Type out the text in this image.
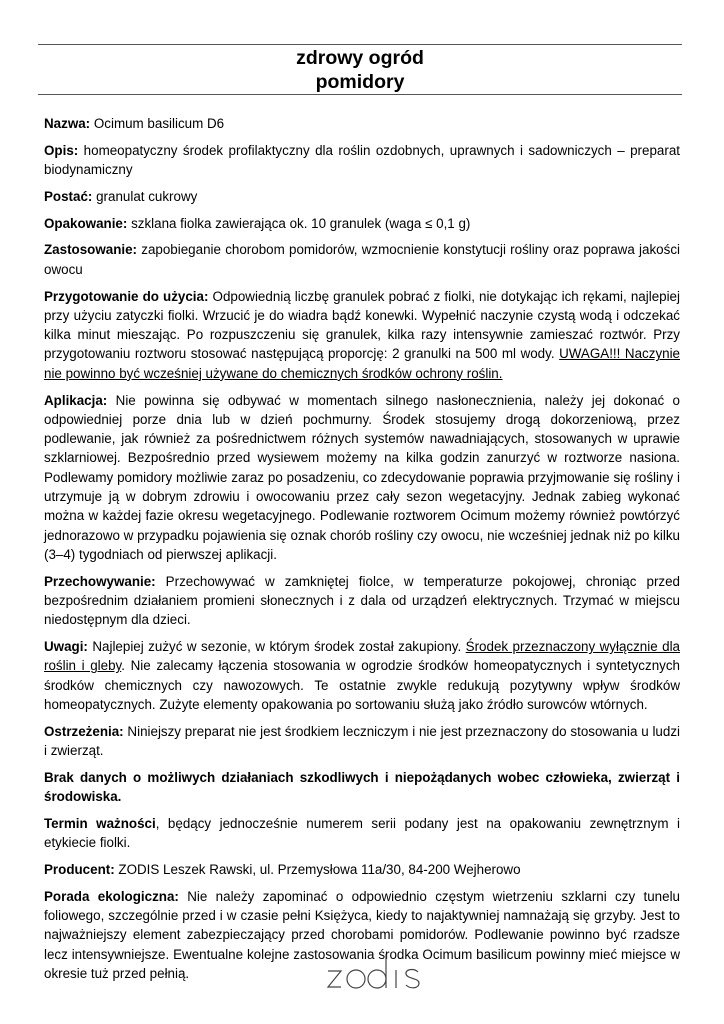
zdrowy ogród
pomidory

Nazwa: Ocimum basilicum D6

Opis: homeopatyczny środek profilaktyczny dla roślin ozdobnych, uprawnych i sadowniczych – preparat biodynamiczny

Postać: granulat cukrowy

Opakowanie: szklana fiolka zawierająca ok. 10 granulek (waga ≤ 0,1 g)

Zastosowanie: zapobieganie chorobom pomidorów, wzmocnienie konstytucji rośliny oraz poprawa jakości owocu

Przygotowanie do użycia: Odpowiednią liczbę granulek pobrać z fiolki, nie dotykając ich rękami, najlepiej przy użyciu zatyczki fiolki. Wrzucić je do wiadra bądź konewki. Wypełnić naczynie czystą wodą i odczekać kilka minut mieszając. Po rozpuszczeniu się granulek, kilka razy intensywnie zamieszać roztwór. Przy przygotowaniu roztworu stosować następującą proporcję: 2 granulki na 500 ml wody. UWAGA!!! Naczynie nie powinno być wcześniej używane do chemicznych środków ochrony roślin.

Aplikacja: Nie powinna się odbywać w momentach silnego nasłonecznienia, należy jej dokonać o odpowiedniej porze dnia lub w dzień pochmurny. Środek stosujemy drogą dokorzeniową, przez podlewanie, jak również za pośrednictwem różnych systemów nawadniających, stosowanych w uprawie szklarniowej. Bezpośrednio przed wysiewem możemy na kilka godzin zanurzyć w roztworze nasiona. Podlewamy pomidory możliwie zaraz po posadzeniu, co zdecydowanie poprawia przyjmowanie się rośliny i utrzymuje ją w dobrym zdrowiu i owocowaniu przez cały sezon wegetacyjny. Jednak zabieg wykonać można w każdej fazie okresu wegetacyjnego. Podlewanie roztworem Ocimum możemy również powtórzyć jednorazowo w przypadku pojawienia się oznak chorób rośliny czy owocu, nie wcześniej jednak niż po kilku (3–4) tygodniach od pierwszej aplikacji.

Przechowywanie: Przechowywać w zamkniętej fiolce, w temperaturze pokojowej, chroniąc przed bezpośrednim działaniem promieni słonecznych i z dala od urządzeń elektrycznych. Trzymać w miejscu niedostępnym dla dzieci.

Uwagi: Najlepiej zużyć w sezonie, w którym środek został zakupiony. Środek przeznaczony wyłącznie dla roślin i gleby. Nie zalecamy łączenia stosowania w ogrodzie środków homeopatycznych i syntetycznych środków chemicznych czy nawozowych. Te ostatnie zwykle redukują pozytywny wpływ środków homeopatycznych. Zużyte elementy opakowania po sortowaniu służą jako źródło surowców wtórnych.

Ostrzeżenia: Niniejszy preparat nie jest środkiem leczniczym i nie jest przeznaczony do stosowania u ludzi i zwierząt.

Brak danych o możliwych działaniach szkodliwych i niepożądanych wobec człowieka, zwierząt i środowiska.

Termin ważności, będący jednocześnie numerem serii podany jest na opakowaniu zewnętrznym i etykiecie fiolki.

Producent: ZODIS Leszek Rawski, ul. Przemysłowa 11a/30, 84-200 Wejherowo

Porada ekologiczna: Nie należy zapominać o odpowiednio częstym wietrzeniu szklarni czy tunelu foliowego, szczególnie przed i w czasie pełni Księżyca, kiedy to najaktywniej namnażają się grzyby. Jest to najważniejszy element zabezpieczający przed chorobami pomidorów. Podlewanie powinno być rzadsze lecz intensywniejsze. Ewentualne kolejne zastosowania środka Ocimum basilicum powinny mieć miejsce w okresie tuż przed pełnią.
